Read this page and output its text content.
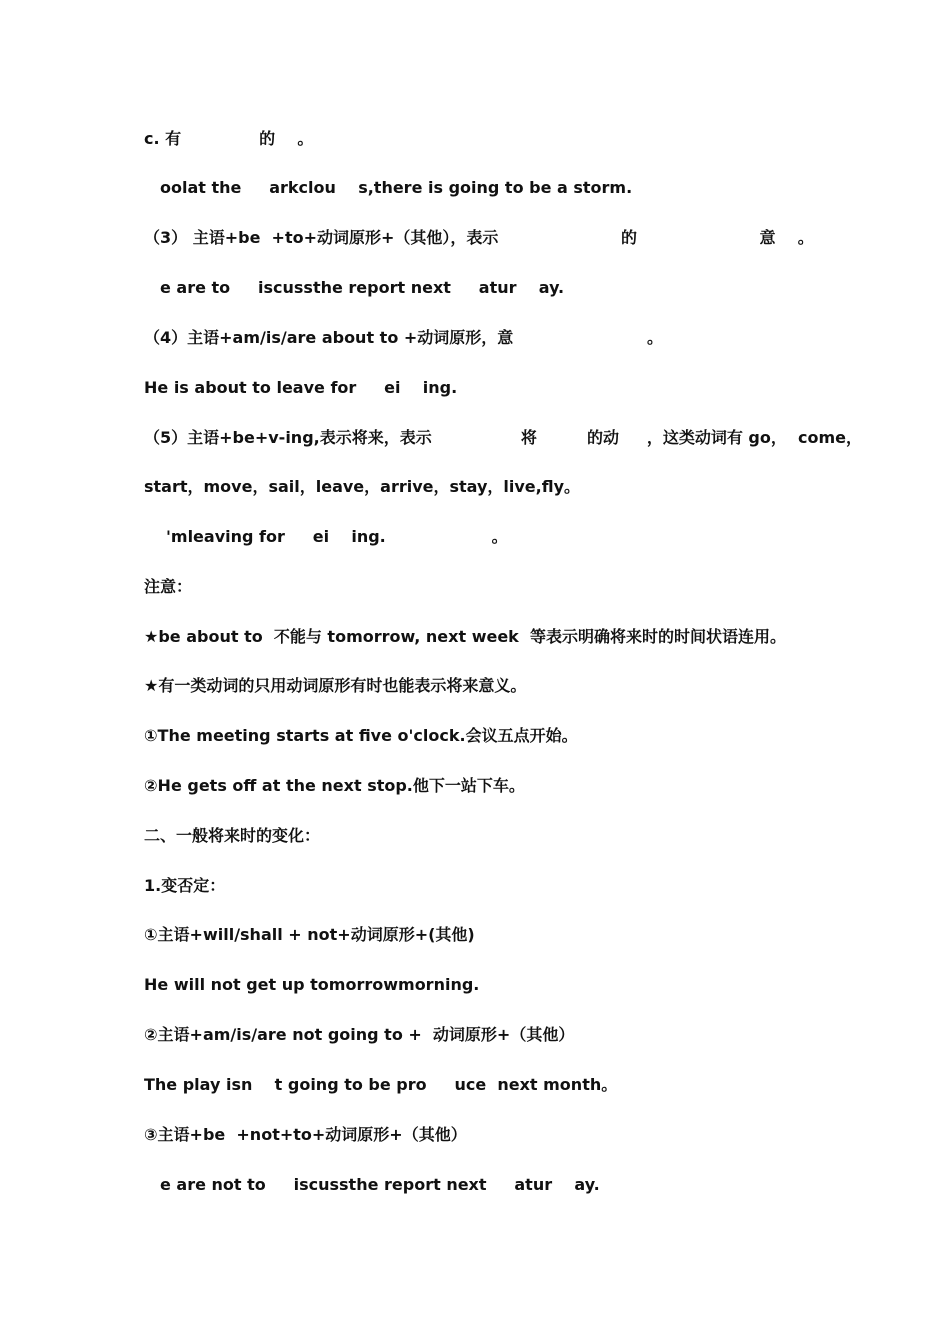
c. 有              的    。
oolat the     arkclou    s,there is going to be a storm.
（3） 主语+be  +to+动词原形+（其他），表示                      的                      意    。
e are to     iscussthe report next     atur    ay.
（4）主语+am/is/are about to +动词原形，意                        。
He is about to leave for     ei    ing.
（5）主语+be+v-ing,表示将来，表示                将         的动     ，这类动词有 go，  come，
start，move，sail，leave，arrive，stay，live,fly。
'mleaving for     ei    ing.                   。
注意：
★be about to  不能与 tomorrow, next week  等表示明确将来时的时间状语连用。
★有一类动词的只用动词原形有时也能表示将来意义。
①The meeting starts at five o'clock.会议五点开始。
②He gets off at the next stop.他下一站下车。
二、一般将来时的变化：
1.变否定：
①主语+will/shall + not+动词原形+(其他)
He will not get up tomorrowmorning.
②主语+am/is/are not going to +  动词原形+（其他）
The play isn    t going to be pro     uce  next month。
③主语+be  +not+to+动词原形+（其他）
e are not to     iscussthe report next     atur    ay.
